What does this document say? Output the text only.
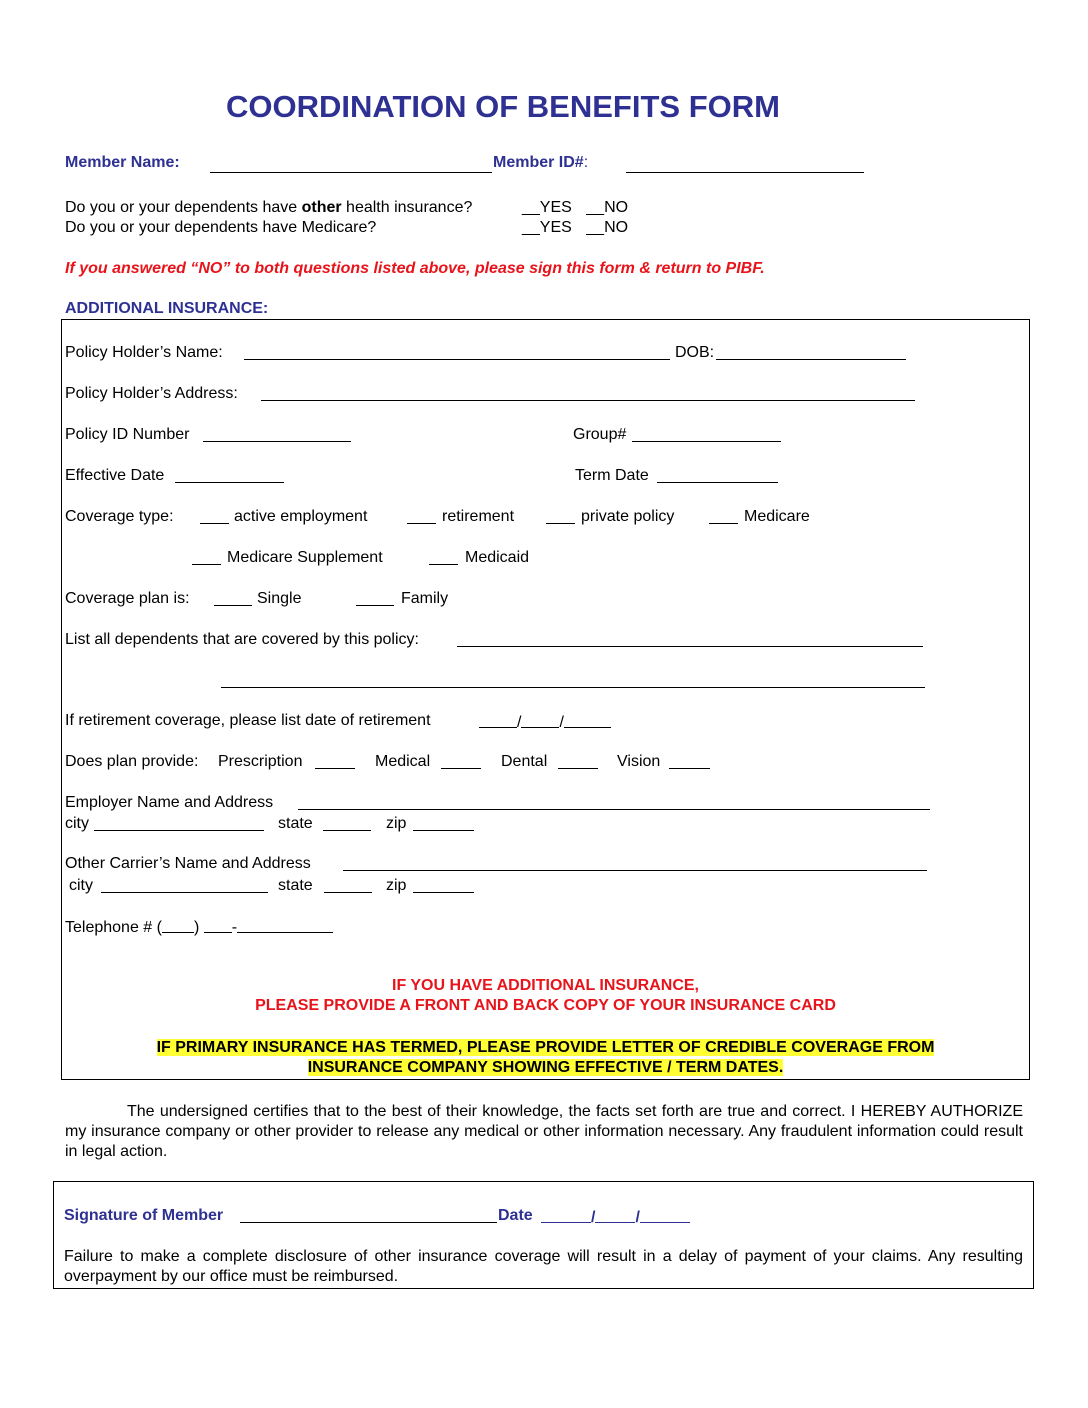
COORDINATION OF BENEFITS FORM
Member Name:	Member ID#:
Do you or your dependents have other health insurance?	__YES __NO
Do you or your dependents have Medicare?	__YES __NO
If you answered “NO” to both questions listed above, please sign this form & return to PIBF.
ADDITIONAL INSURANCE:
Policy Holder’s Name:	DOB:
Policy Holder’s Address:
Policy ID Number	Group#
Effective Date	Term Date
Coverage type:	active employment	retirement	private policy	Medicare
Medicare Supplement	Medicaid
Coverage plan is:	Single	Family
List all dependents that are covered by this policy:
If retirement coverage, please list date of retirement	/ /
Does plan provide: Prescription	Medical	Dental	Vision
Employer Name and Address
city	state	zip
Other Carrier’s Name and Address
city	state	zip
Telephone # ( ) -
IF YOU HAVE ADDITIONAL INSURANCE,
PLEASE PROVIDE A FRONT AND BACK COPY OF YOUR INSURANCE CARD
IF PRIMARY INSURANCE HAS TERMED, PLEASE PROVIDE LETTER OF CREDIBLE COVERAGE FROM
INSURANCE COMPANY SHOWING EFFECTIVE / TERM DATES.
The undersigned certifies that to the best of their knowledge, the facts set forth are true and correct. I HEREBY AUTHORIZE my insurance company or other provider to release any medical or other information necessary. Any fraudulent information could result in legal action.
Signature of Member	Date	/	/
Failure to make a complete disclosure of other insurance coverage will result in a delay of payment of your claims. Any resulting overpayment by our office must be reimbursed.
